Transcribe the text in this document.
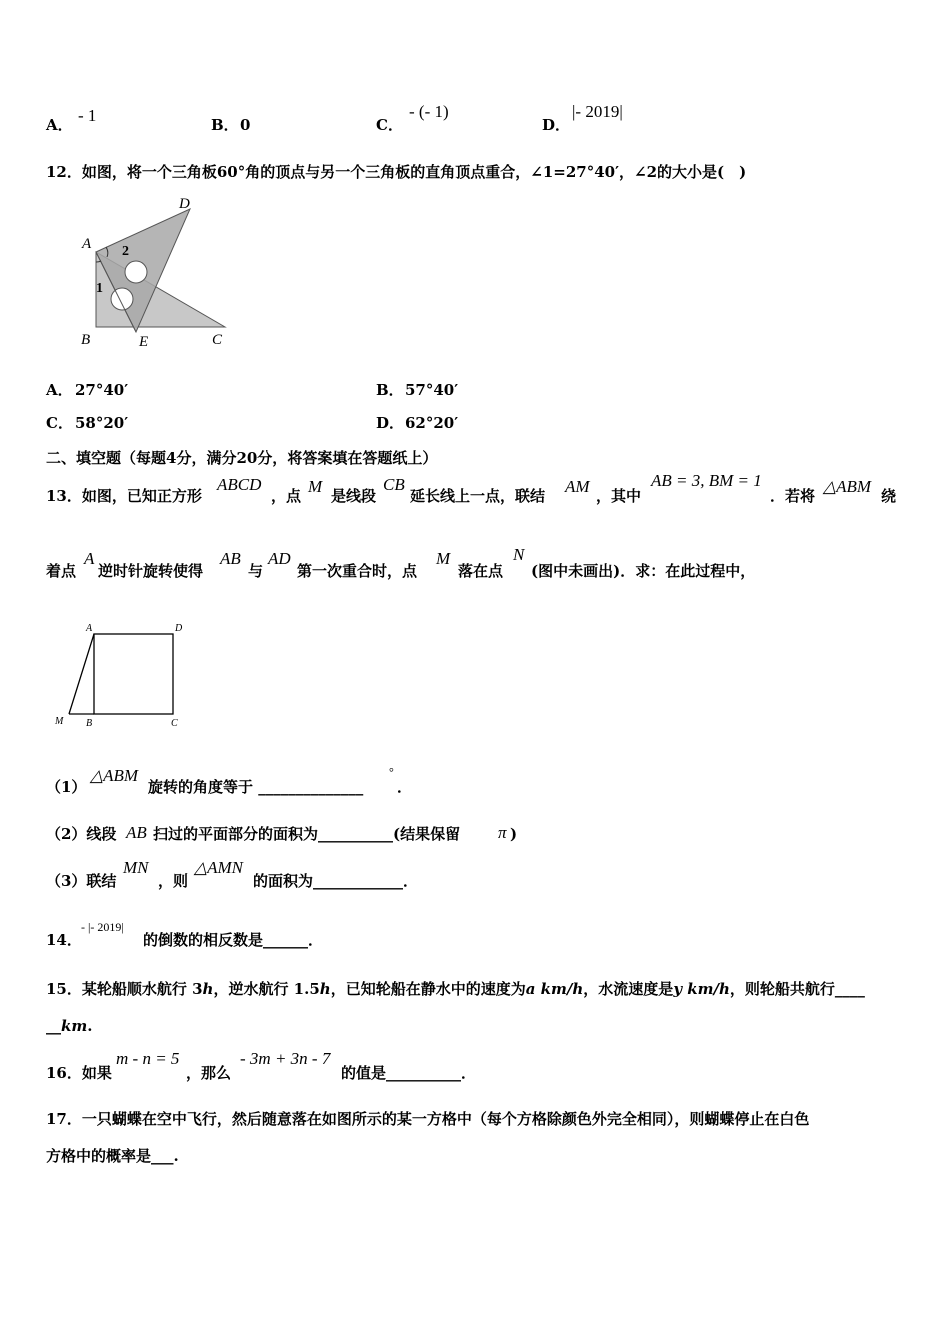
A． - 1	B． 0	C．
- (- 1)
D．
|- 2019|
12．如图，将一个三角板60°角的顶点与另一个三角板的直角顶点重合，∠1=27°40′，∠2的大小是(　)
A
D
B	E	C
1
2
A． 27°40′	B． 57°40′
C． 58°20′	D． 62°20′
二、填空题（每题4分，满分20分，将答案填在答题纸上）
13．如图，已知正方形
ABCD
，点 M 是线段
CB
延长线上一点，联结 AM ，其中
AB = 3, BM = 1
．若将 △ABM 绕
着点
A
逆时针旋转使得
AB
与
AD
第一次重合时，点
M
落在点
N
(图中未画出)．求：在此过程中，
A	D
M B	C
（1）
△ABM
旋转的角度等于 ______________
°
．
（2）线段 AB 扫过的平面部分的面积为__________(结果保留 π )
（3）联结
MN
，则
△AMN
的面积为____________．
14．
- |- 2019|
的倒数的相反数是______．
15．某轮船顺水航行 3h，逆水航行 1.5h，已知轮船在静水中的速度为a km/h，水流速度是y km/h，则轮船共航行____
__km.
16．如果
m - n = 5
，那么
- 3m + 3n - 7
的值是__________．
17．一只蝴蝶在空中飞行，然后随意落在如图所示的某一方格中（每个方格除颜色外完全相同），则蝴蝶停止在白色
方格中的概率是___.
